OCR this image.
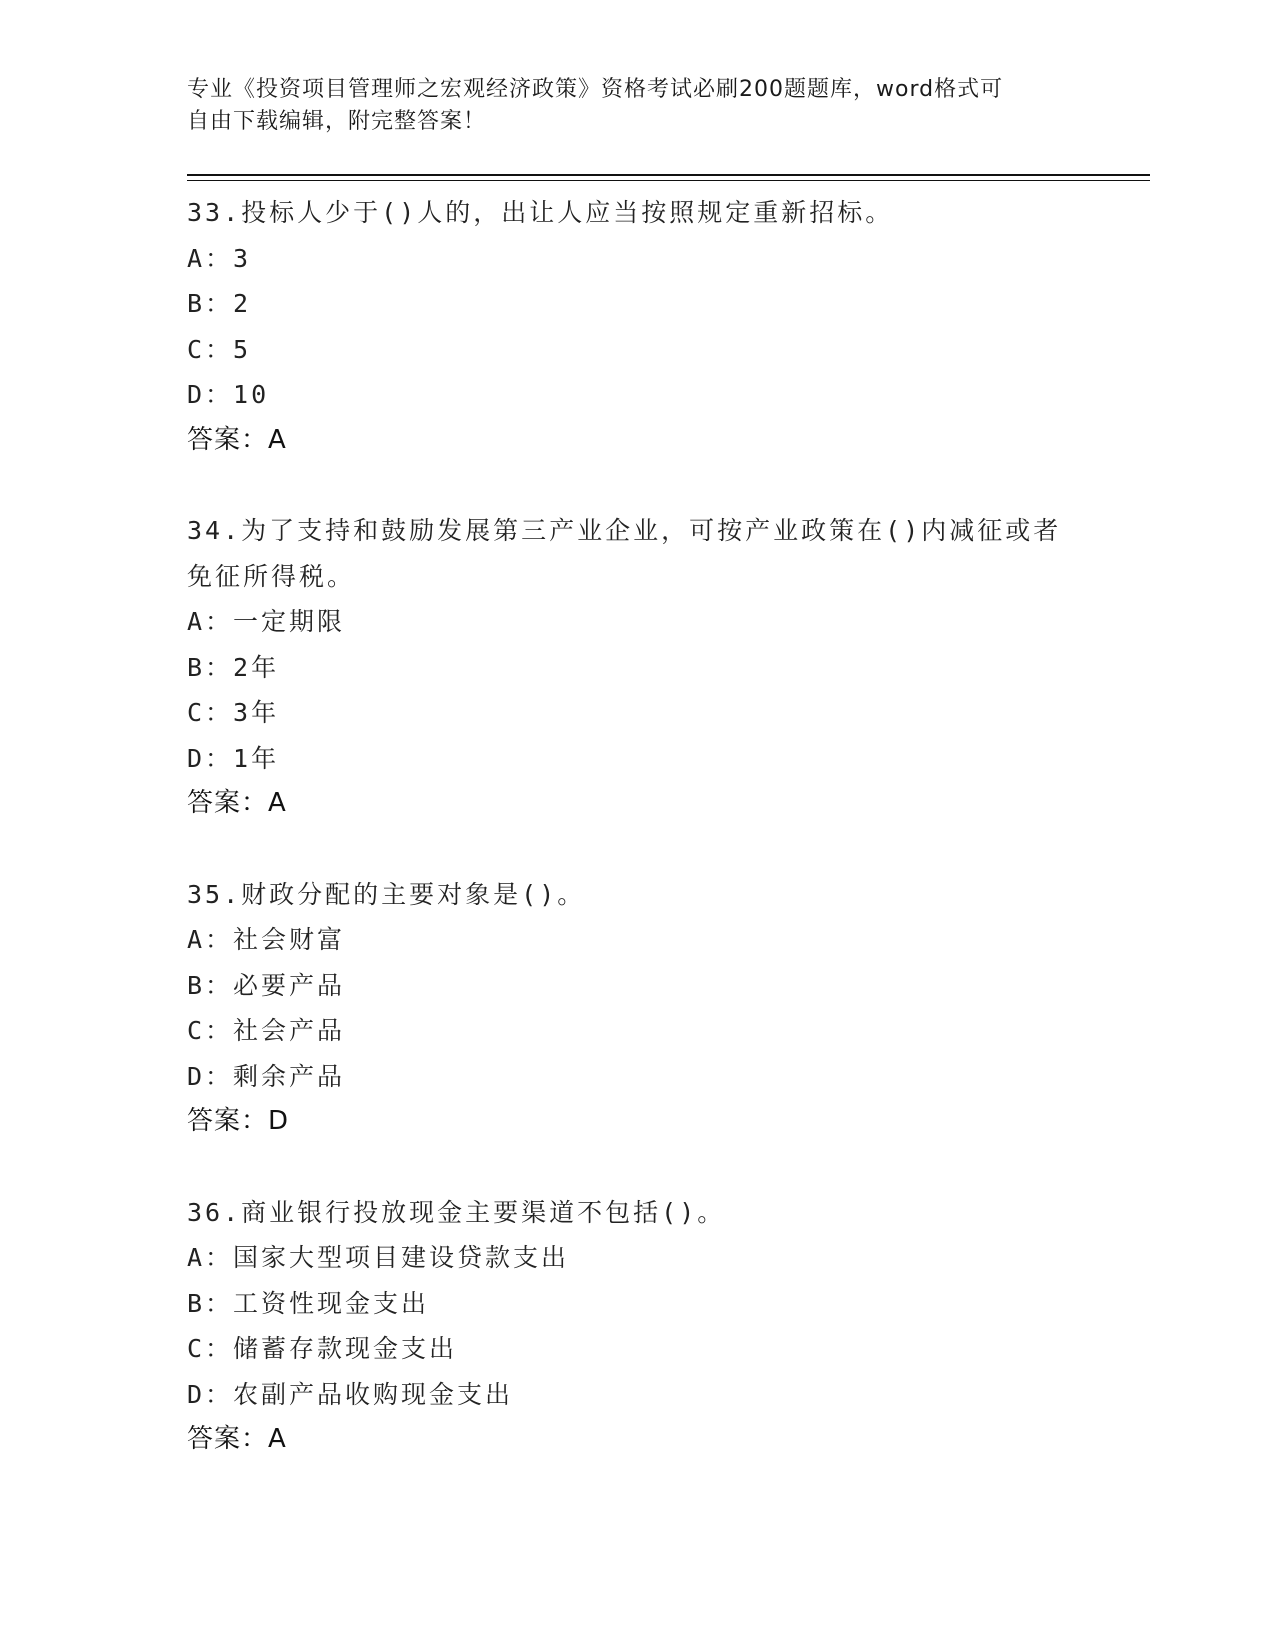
专业《投资项目管理师之宏观经济政策》资格考试必刷200题题库，word格式可
自由下载编辑，附完整答案！
33.投标人少于()人的，出让人应当按照规定重新招标。
A：3
B：2
C：5
D：10
答案：A
34.为了支持和鼓励发展第三产业企业，可按产业政策在()内减征或者
免征所得税。
A：一定期限
B：2年
C：3年
D：1年
答案：A
35.财政分配的主要对象是()。
A：社会财富
B：必要产品
C：社会产品
D：剩余产品
答案：D
36.商业银行投放现金主要渠道不包括()。
A：国家大型项目建设贷款支出
B：工资性现金支出
C：储蓄存款现金支出
D：农副产品收购现金支出
答案：A
